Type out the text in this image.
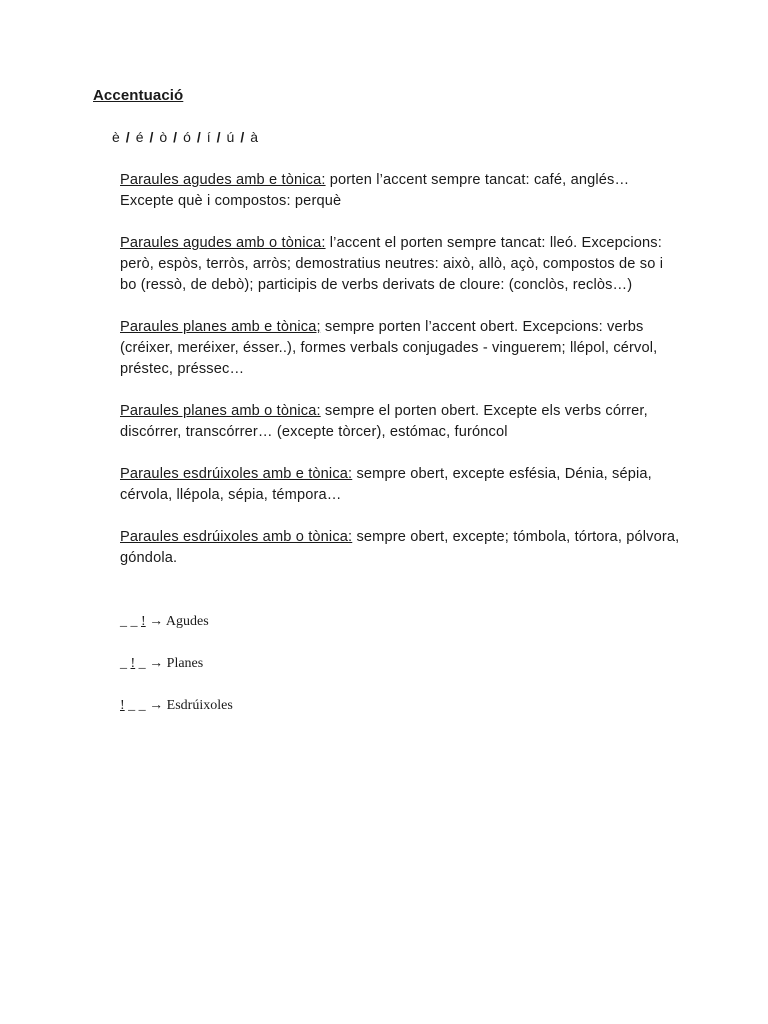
Accentuació
è / é / ò / ó / í / ú / à

Paraules agudes amb e tònica: porten l’accent sempre tancat: café, anglés… Excepte què i compostos: perquè

Paraules agudes amb o tònica: l’accent el porten sempre tancat: lleó. Excepcions: però, espòs, terròs, arròs; demostratius neutres: això, allò, açò, compostos de so i bo (ressò, de debò); participis de verbs derivats de cloure: (conclòs, reclòs…)

Paraules planes amb e tònica; sempre porten l’accent obert. Excepcions: verbs (créixer, meréixer, ésser..), formes verbals conjugades - vinguerem; llépol, cérvol, préstec, préssec…

Paraules planes amb o tònica: sempre el porten obert. Excepte els verbs córrer, discórrer, transcórrer… (excepte tòrcer), estómac, furóncol

Paraules esdrúixoles amb e tònica: sempre obert, excepte esfésia, Dénia, sépia, cérvola, llépola, sépia, témpora…

Paraules esdrúixoles amb o tònica: sempre obert, excepte; tómbola, tórtora, pólvora, góndola.

_ _ ! → Agudes
_ ! _ → Planes
! _ _ → Esdrúixoles
